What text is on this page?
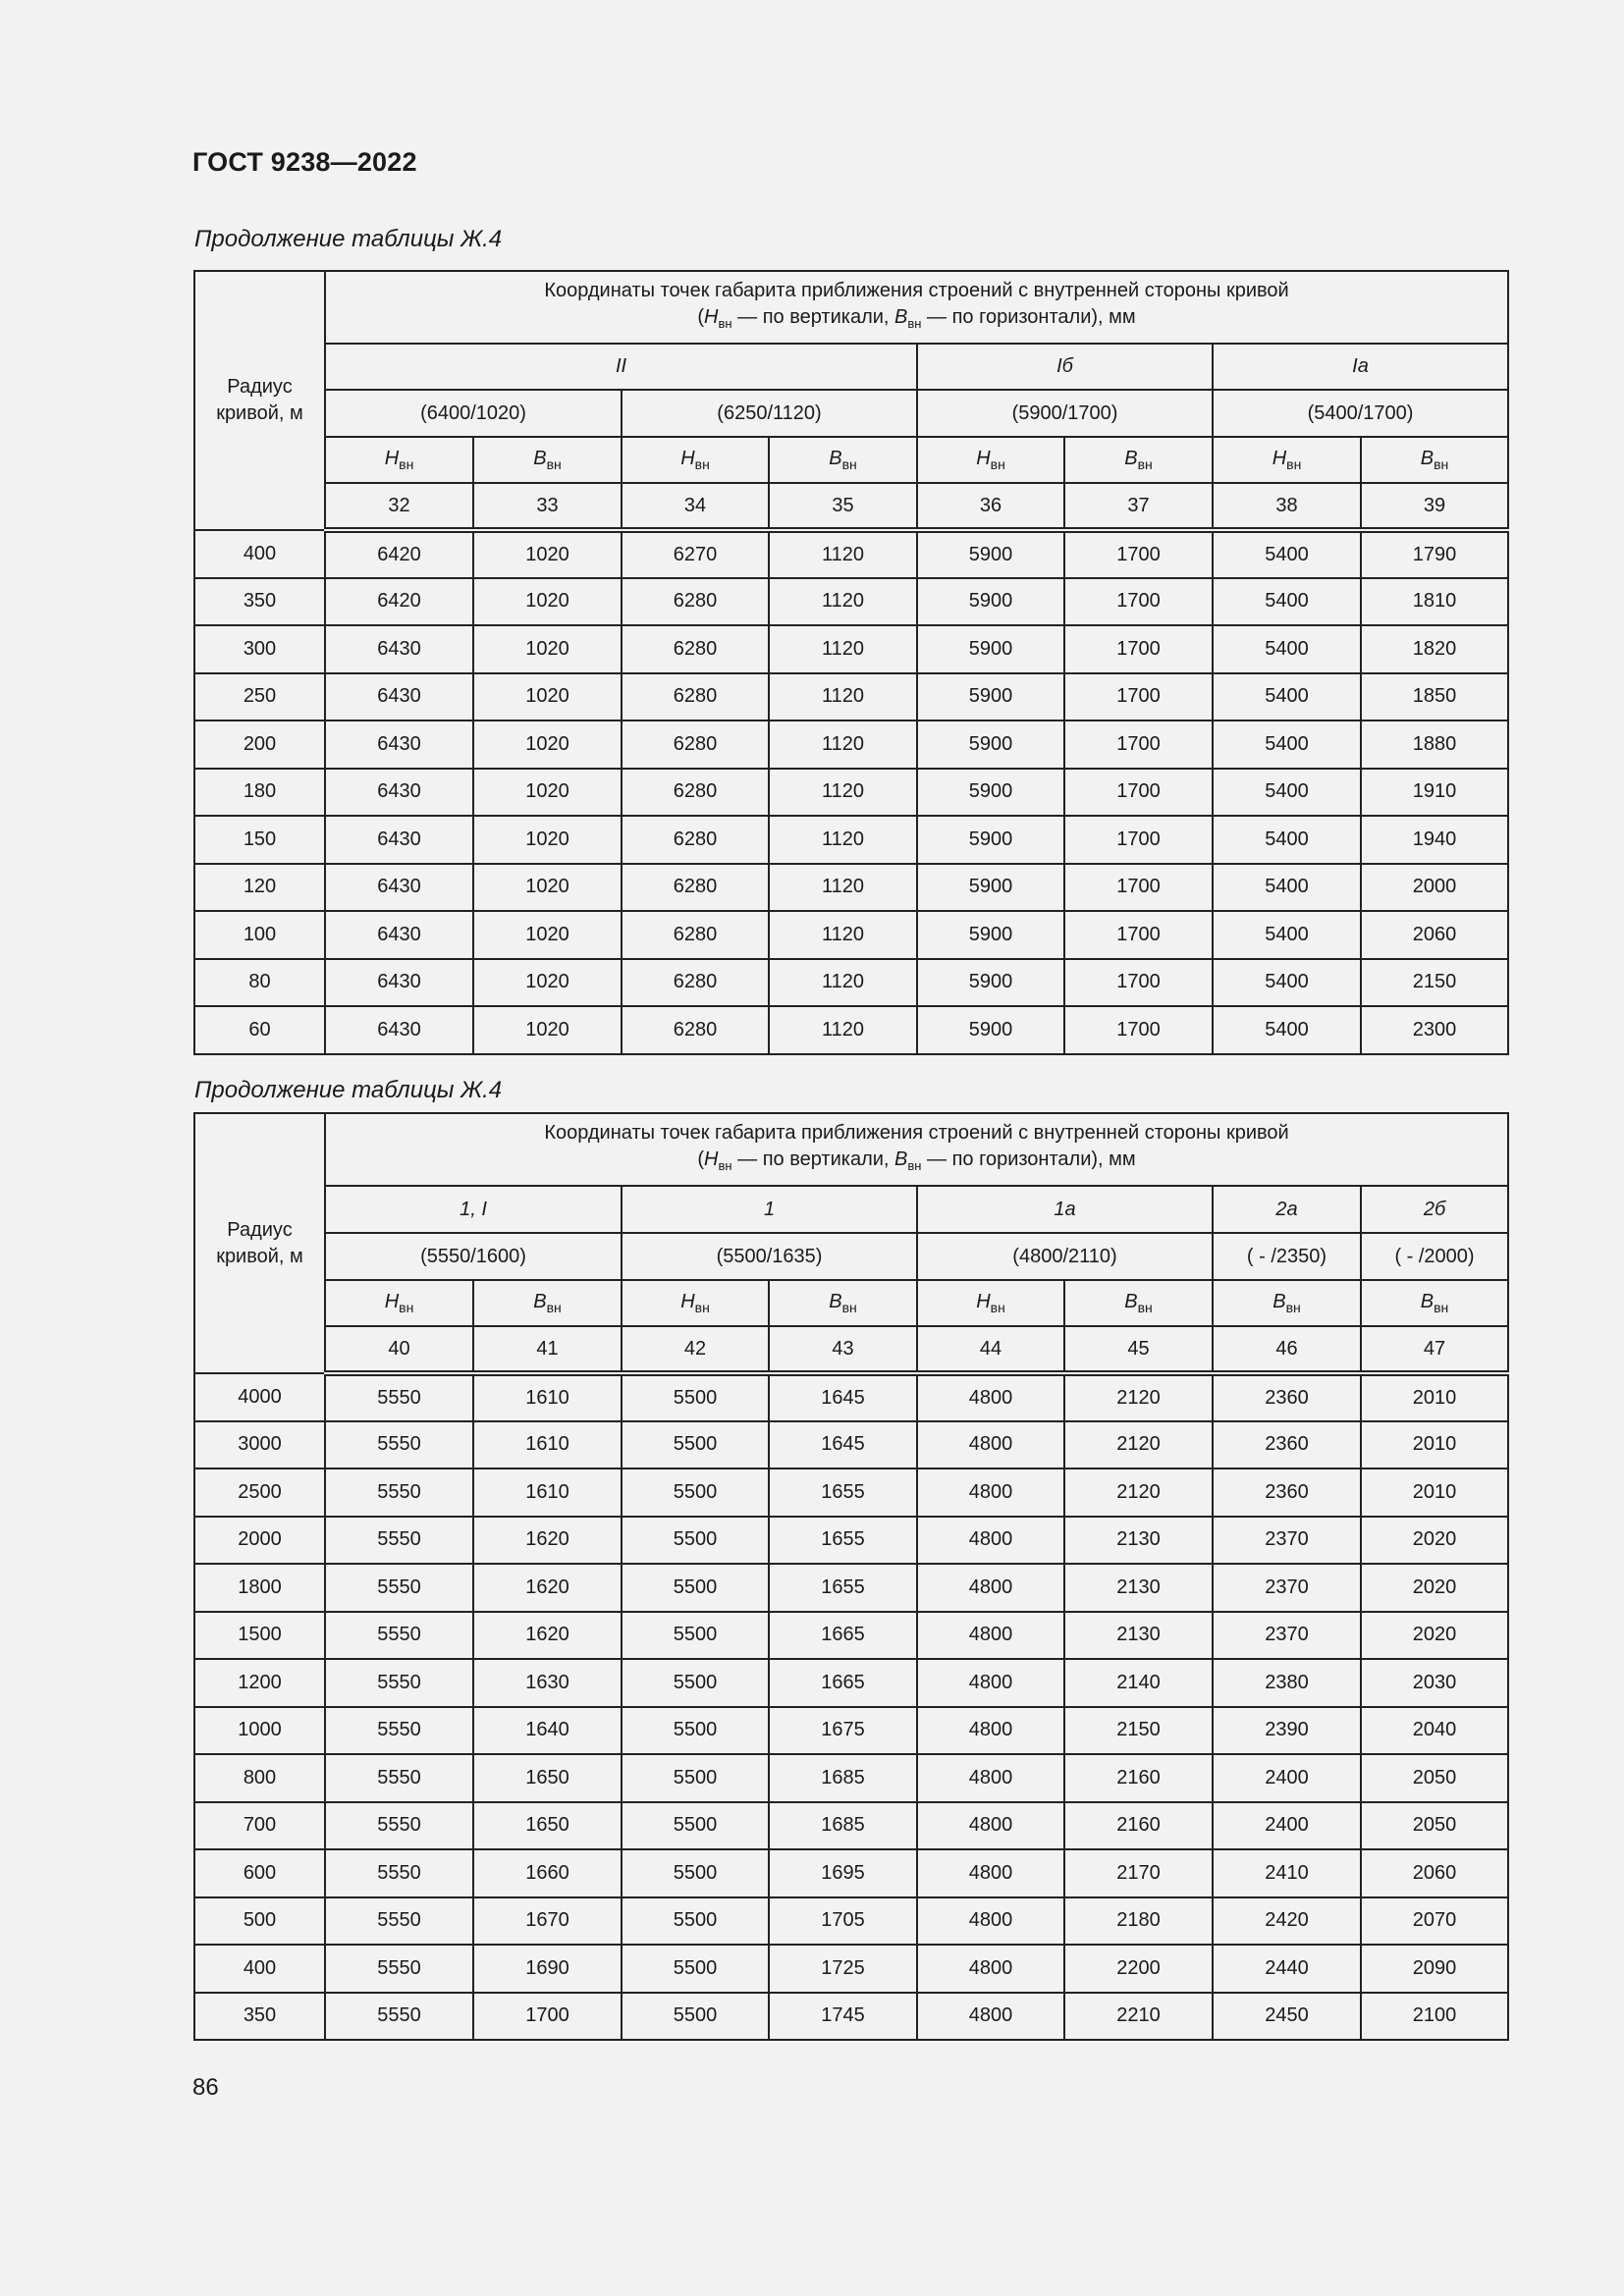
ГОСТ 9238—2022
Продолжение таблицы Ж.4
Радиус
кривой, м	Координаты точек габарита приближения строений с внутренней стороны кривой
($H_{вн}$ — по вертикали, $B_{вн}$ — по горизонтали), мм							
	II				Iб		Iа	
	(6400/1020)		(6250/1120)		(5900/1700)		(5400/1700)	
	$H_{вн}$	$B_{вн}$	$H_{вн}$	$B_{вн}$	$H_{вн}$	$B_{вн}$	$H_{вн}$	$B_{вн}$
	32	33	34	35	36	37	38	39
400	6420	1020	6270	1120	5900	1700	5400	1790
350	6420	1020	6280	1120	5900	1700	5400	1810
300	6430	1020	6280	1120	5900	1700	5400	1820
250	6430	1020	6280	1120	5900	1700	5400	1850
200	6430	1020	6280	1120	5900	1700	5400	1880
180	6430	1020	6280	1120	5900	1700	5400	1910
150	6430	1020	6280	1120	5900	1700	5400	1940
120	6430	1020	6280	1120	5900	1700	5400	2000
100	6430	1020	6280	1120	5900	1700	5400	2060
80	6430	1020	6280	1120	5900	1700	5400	2150
60	6430	1020	6280	1120	5900	1700	5400	2300
Продолжение таблицы Ж.4
Радиус
кривой, м	Координаты точек габарита приближения строений с внутренней стороны кривой
($H_{вн}$ — по вертикали, $B_{вн}$ — по горизонтали), мм							
	1, I		1		1а		2а	2б
	(5550/1600)		(5500/1635)		(4800/2110)		( - /2350)	( - /2000)
	$H_{вн}$	$B_{вн}$	$H_{вн}$	$B_{вн}$	$H_{вн}$	$B_{вн}$	$B_{вн}$	$B_{вн}$
	40	41	42	43	44	45	46	47
4000	5550	1610	5500	1645	4800	2120	2360	2010
3000	5550	1610	5500	1645	4800	2120	2360	2010
2500	5550	1610	5500	1655	4800	2120	2360	2010
2000	5550	1620	5500	1655	4800	2130	2370	2020
1800	5550	1620	5500	1655	4800	2130	2370	2020
1500	5550	1620	5500	1665	4800	2130	2370	2020
1200	5550	1630	5500	1665	4800	2140	2380	2030
1000	5550	1640	5500	1675	4800	2150	2390	2040
800	5550	1650	5500	1685	4800	2160	2400	2050
700	5550	1650	5500	1685	4800	2160	2400	2050
600	5550	1660	5500	1695	4800	2170	2410	2060
500	5550	1670	5500	1705	4800	2180	2420	2070
400	5550	1690	5500	1725	4800	2200	2440	2090
350	5550	1700	5500	1745	4800	2210	2450	2100
86
